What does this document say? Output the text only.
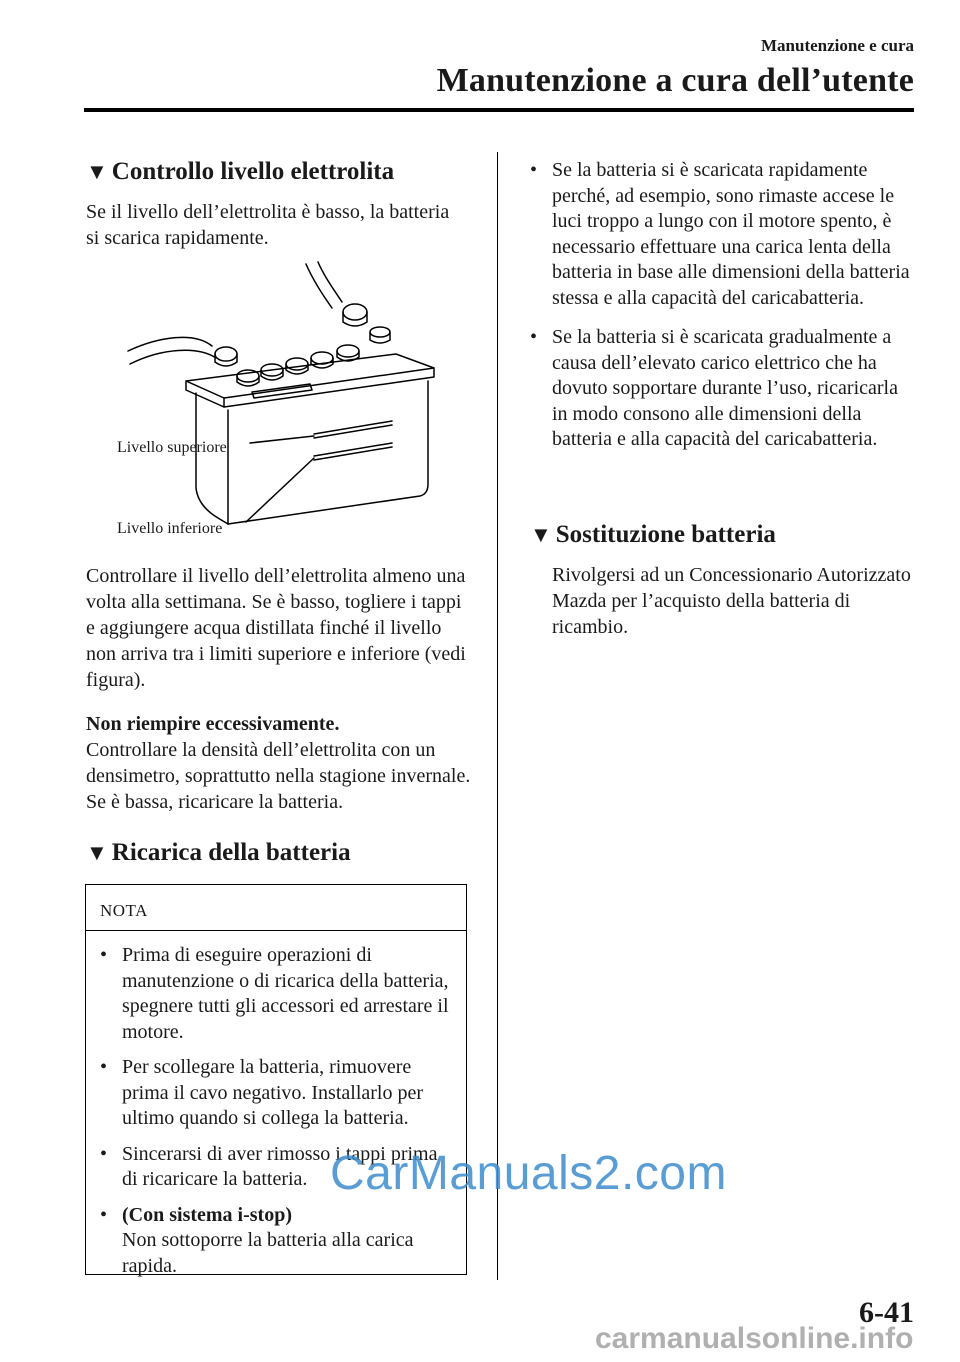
Manutenzione e cura
Manutenzione a cura dell’utente
▼ Controllo livello elettrolita
Se il livello dell’elettrolita è basso, la batteria si scarica rapidamente.
Livello superiore
Livello inferiore
Controllare il livello dell’elettrolita almeno una volta alla settimana. Se è basso, togliere i tappi e aggiungere acqua distillata finché il livello non arriva tra i limiti superiore e inferiore (vedi figura).
Non riempire eccessivamente.
Controllare la densità dell’elettrolita con un densimetro, soprattutto nella stagione invernale. Se è bassa, ricaricare la batteria.
▼ Ricarica della batteria
NOTA
• Prima di eseguire operazioni di manutenzione o di ricarica della batteria, spegnere tutti gli accessori ed arrestare il motore.
• Per scollegare la batteria, rimuovere prima il cavo negativo. Installarlo per ultimo quando si collega la batteria.
• Sincerarsi di aver rimosso i tappi prima di ricaricare la batteria.
• (Con sistema i-stop)
Non sottoporre la batteria alla carica rapida.
• Se la batteria si è scaricata rapidamente perché, ad esempio, sono rimaste accese le luci troppo a lungo con il motore spento, è necessario effettuare una carica lenta della batteria in base alle dimensioni della batteria stessa e alla capacità del caricabatteria.
• Se la batteria si è scaricata gradualmente a causa dell’elevato carico elettrico che ha dovuto sopportare durante l’uso, ricaricarla in modo consono alle dimensioni della batteria e alla capacità del caricabatteria.
▼ Sostituzione batteria
Rivolgersi ad un Concessionario Autorizzato Mazda per l’acquisto della batteria di ricambio.
6-41
CarManuals2.com
carmanualsonline.info
